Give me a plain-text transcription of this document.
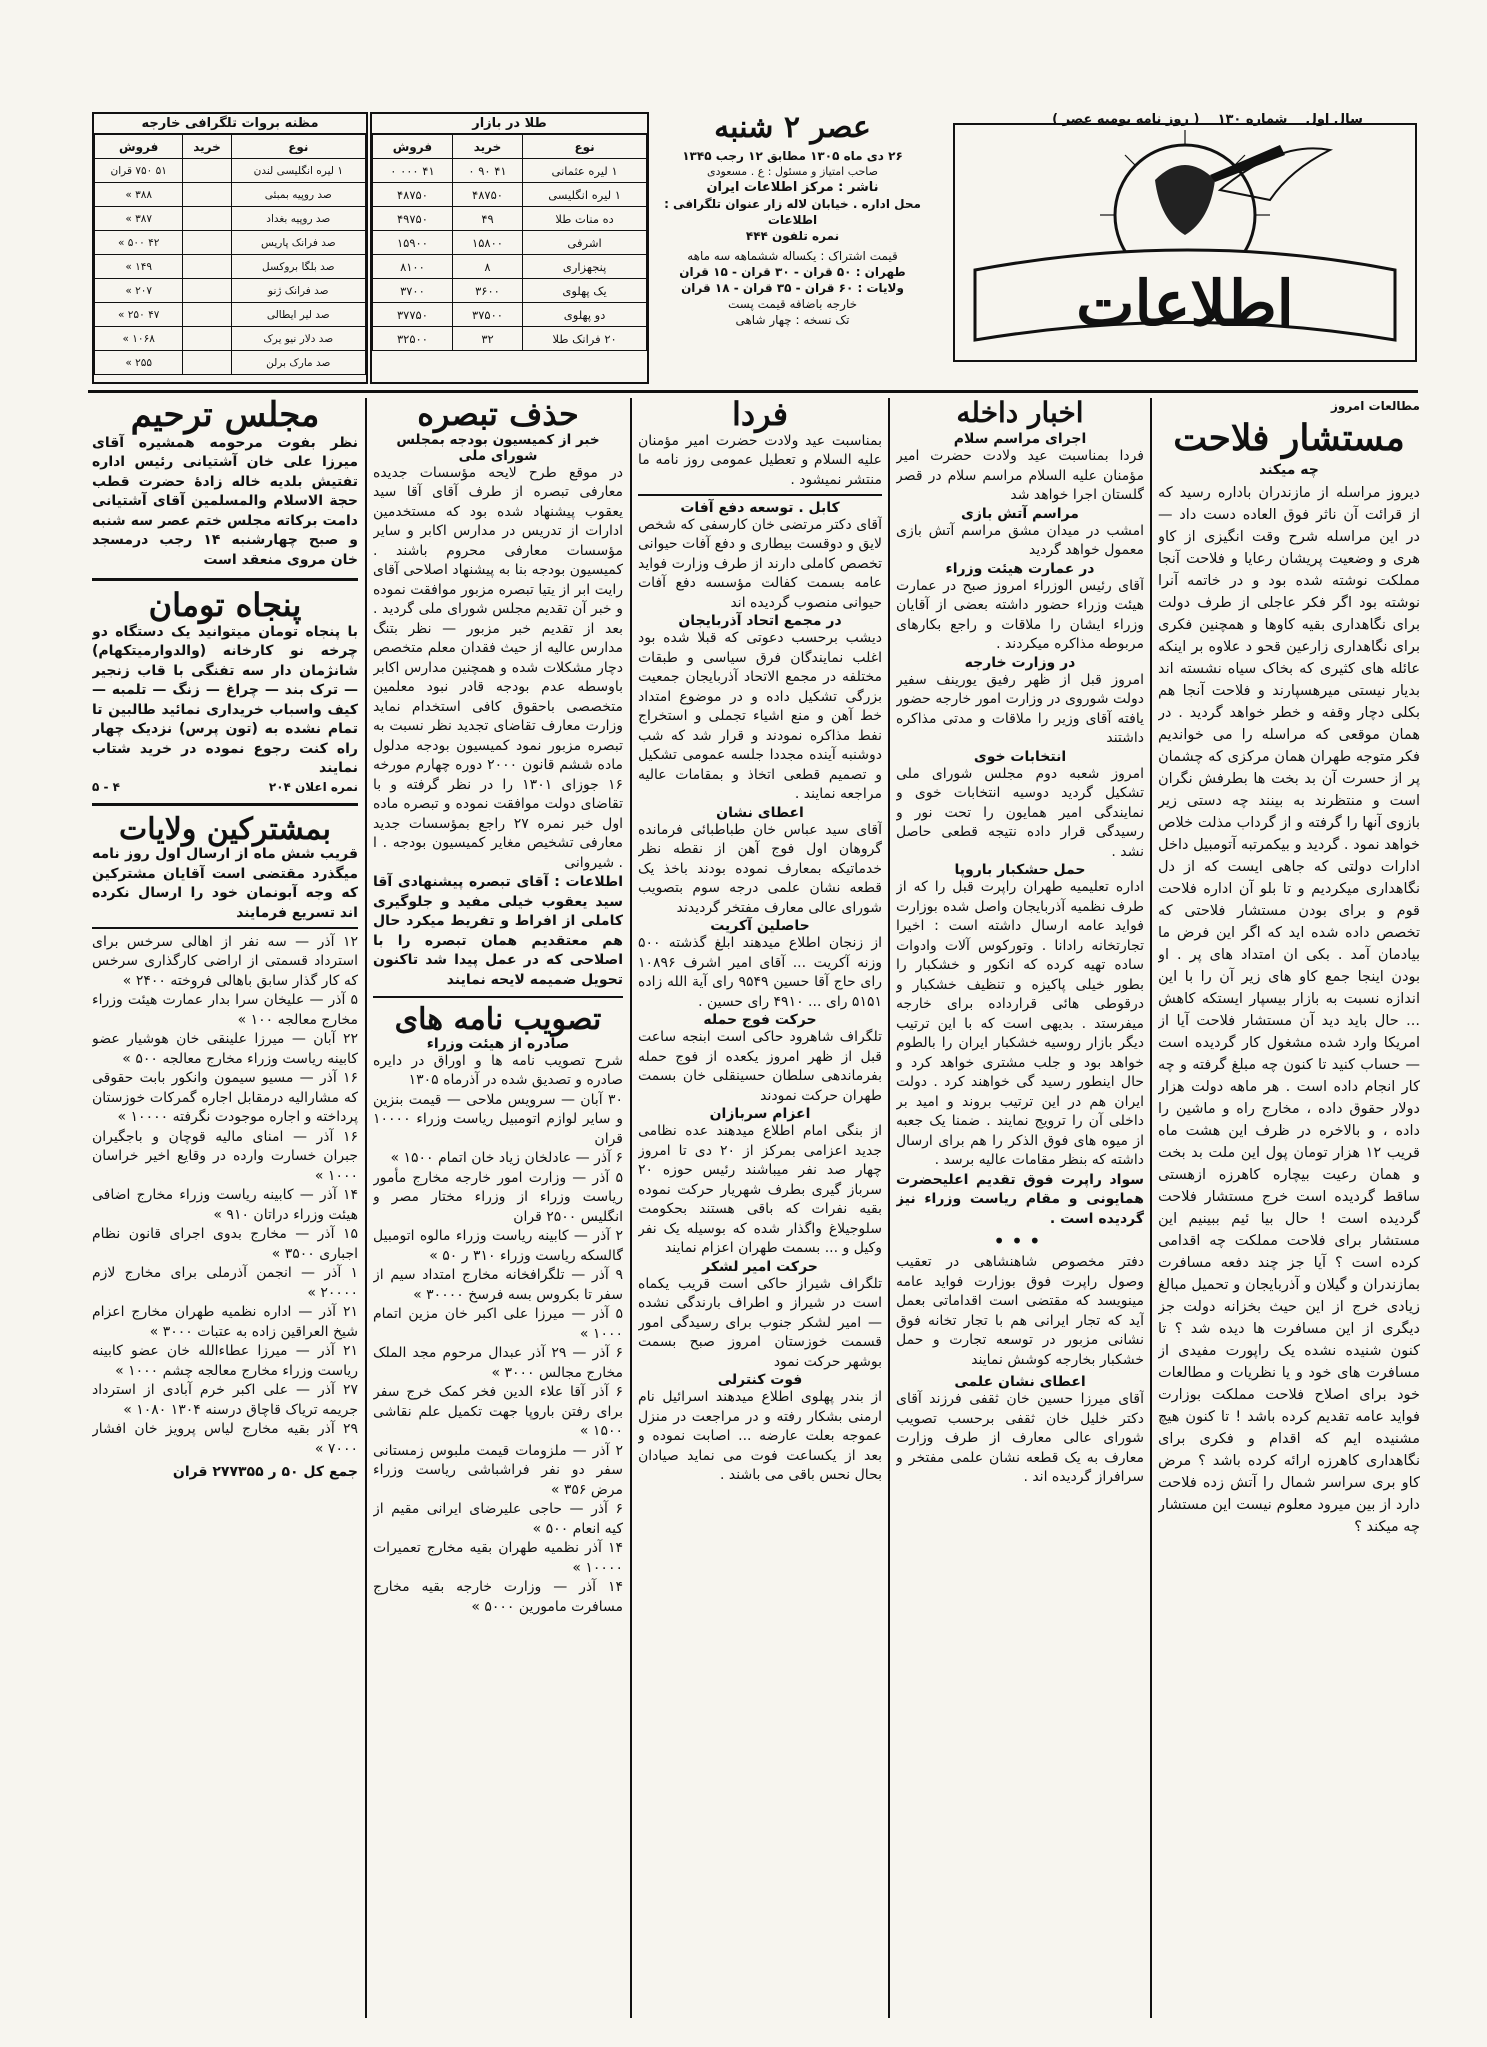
سال اول    شماره ۱۳۰    ( روز نامه یومیه عصر )
اطلاعات
عصر ۲ شنبه
۲۶ دی ماه ۱۳۰۵ مطابق ۱۲ رجب ۱۳۴۵
صاحب امتیاز و مسئول : ع . مسعودی
ناشر : مرکز اطلاعات ایران
محل اداره . خیابان لاله زار عنوان تلگرافی : اطلاعات
نمره تلفون ۴۴۴
قیمت اشتراک : یکساله ششماهه سه ماهه
طهران : ۵۰ قران - ۳۰ قران - ۱۵ قران
ولایات : ۶۰ قران - ۳۵ قران - ۱۸ قران
خارجه باضافه قیمت پست
تک نسخه : چهار شاهی
طلا در بازار
نوع	خرید	فروش
۱ لیره عثمانی	۴۱ ۹۰ ۰	۴۱ ۰۰۰ ۰
۱ لیره انگلیسی	۴۸۷۵۰	۴۸۷۵۰
ده منات طلا	۴۹	۴۹۷۵۰
اشرفی	۱۵۸۰۰	۱۵۹۰۰
پنجهزاری	۸	۸۱۰۰
یک پهلوی	۳۶۰۰	۳۷۰۰
دو پهلوی	۳۷۵۰۰	۳۷۷۵۰
۲۰ فرانک طلا	۳۲	۳۲۵۰۰
مظنه بروات تلگرافی خارجه
نوع	خرید	فروش
۱ لیره انگلیسی لندن		۵۱ ۷۵۰ قران
صد روپیه بمبئی		۳۸۸ »
صد روپیه بغداد		۳۸۷ »
صد فرانک پاریس		۴۲ ۵۰۰ »
صد بلگا بروکسل		۱۴۹ »
صد فرانک ژنو		۲۰۷ »
صد لیر ایطالی		۴۷ ۲۵۰ »
صد دلار نیو یرک		۱۰۶۸ »
صد مارک برلن		۲۵۵ »
مطالعات امروز
مستشار فلاحت
چه میکند

دیروز مراسله از مازندران باداره رسید که از قرائت آن ناثر فوق العاده دست داد — در این مراسله شرح وقت انگیزی از کاو هری و وضعیت پریشان رعایا و فلاحت آنجا مملکت نوشته شده بود و در خاتمه آنرا نوشته بود اگر فکر عاجلی از طرف دولت برای نگاهداری بقیه کاوها و همچنین فکری برای نگاهداری زارعین قحو د علاوه بر اینکه عائله های کثیری که بخاک سیاه نشسته اند بدیار نیستی میرهسپارند و فلاحت آنجا هم بکلی دچار وقفه و خطر خواهد گردید . در همان موقعی که مراسله را می خواندیم فکر متوجه طهران همان مرکزی که چشمان پر از حسرت آن بد بخت ها بطرفش نگران است و منتظرند به بینند چه دستی زیر بازوی آنها را گرفته و از گرداب مذلت خلاص خواهد نمود . گردید و بیکمرتبه آتومبیل داخل ادارات دولتی که جاهی ایست که از دل نگاهداری میکردیم و تا بلو آن اداره فلاحت قوم و برای بودن مستشار فلاحتی که تخصص داده شده اید که اگر این فرض ما بیادمان آمد . بکی ان امتداد های پر . او بودن اینجا جمع کاو های زیر آن را با این اندازه نسبت به بازار بیسپار ایستکه کاهش ... حال باید دید آن مستشار فلاحت آیا از امریکا وارد شده مشغول کار گردیده است — حساب کنید تا کنون چه مبلغ گرفته و چه کار انجام داده است . هر ماهه دولت هزار دولار حقوق داده ، مخارج راه و ماشین را داده ، و بالاخره در ظرف این هشت ماه قریب ۱۲ هزار تومان پول این ملت بد بخت و همان رعیت بیچاره کاهرزه ازهستی ساقط گردیده است خرج مستشار فلاحت گردیده است ! حال بیا ئیم ببینیم این مستشار برای فلاحت مملکت چه اقدامی کرده است ؟ آیا جز چند دفعه مسافرت بمازندران و گیلان و آذربایجان و تحمیل مبالغ زیادی خرج از این حیث بخزانه دولت جز دیگری از این مسافرت ها دیده شد ؟ تا کنون شنیده نشده یک راپورت مفیدی از مسافرت های خود و یا نظریات و مطالعات خود برای اصلاح فلاحت مملکت بوزارت فواید عامه تقدیم کرده باشد ! تا کنون هیچ مشنیده ایم که اقدام و فکری برای نگاهداری کاهرزه ارائه کرده باشد ؟ مرض کاو بری سراسر شمال را آتش زده فلاحت دارد از بین میرود معلوم نیست این مستشار چه میکند ؟

اخبار داخله
اجرای مراسم سلام

فردا بمناسبت عید ولادت حضرت امیر مؤمنان علیه السلام مراسم سلام در قصر گلستان اجرا خواهد شد

مراسم آتش بازی

امشب در میدان مشق مراسم آتش بازی معمول خواهد گردید

در عمارت هیئت وزراء

آقای رئیس الوزراء امروز صبح در عمارت هیئت وزراء حضور داشته بعضی از آقایان وزراء ایشان را ملاقات و راجع بکارهای مربوطه مذاکره میکردند .

در وزارت خارجه

امروز قبل از ظهر رفیق یورینف سفیر دولت شوروی در وزارت امور خارجه حضور یافته آقای وزیر را ملاقات و مدتی مذاکره داشتند

انتخابات خوی

امروز شعبه دوم مجلس شورای ملی تشکیل گردید دوسیه انتخابات خوی و نمایندگی امیر همایون را تحت نور و رسیدگی قرار داده نتیجه قطعی حاصل نشد .

حمل حشکبار باروپا

اداره تعلیمیه طهران راپرت قبل را که از طرف نظمیه آذربایجان واصل شده بوزارت فواید عامه ارسال داشته است : اخیرا تجارتخانه رادانا . وتورکوس آلات وادوات ساده تهیه کرده که انکور و خشکبار را بطور خیلی پاکیزه و تنظیف خشکبار و درقوطی هائی قرارداده برای خارجه میفرستد . بدیهی است که با این ترتیب دیگر بازار روسیه خشکبار ایران را بالطوم خواهد بود و جلب مشتری خواهد کرد و حال اینطور رسید گی خواهند کرد . دولت ایران هم در این ترتیب بروند و امید بر داخلی آن را ترویج نمایند . ضمنا یک جعبه از میوه های فوق الذکر را هم برای ارسال داشته که بنظر مقامات عالیه برسد .

سواد راپرت فوق تقدیم اعلیحضرت همایونی و مقام ریاست وزراء نیز گردیده است .

•••

دفتر مخصوص شاهنشاهی در تعقیب وصول راپرت فوق بوزارت فواید عامه مینویسد که مقتضی است اقداماتی بعمل آید که تجار ایرانی هم با تجار تخانه فوق نشانی مزبور در توسعه تجارت و حمل خشکبار بخارجه کوشش نمایند

اعطای نشان علمی

آقای میرزا حسین خان ثقفی فرزند آقای دکتر خلیل خان ثقفی برحسب تصویب شورای عالی معارف از طرف وزارت معارف به یک قطعه نشان علمی مفتخر و سرافراز گردیده اند .

فردا

بمناسبت عید ولادت حضرت امیر مؤمنان علیه السلام و تعطیل عمومی روز نامه ما منتشر نمیشود .

کابل . توسعه دفع آفات

آقای دکتر مرتضی خان کارسفی که شخص لایق و دوقست بیطاری و دفع آفات حیوانی تخصص کاملی دارند از طرف وزارت فواید عامه بسمت کفالت مؤسسه دفع آفات حیوانی منصوب گردیده اند

در مجمع اتحاد آذربایجان

دیشب برحسب دعوتی که قبلا شده بود اغلب نمایندگان فرق سیاسی و طبقات مختلفه در مجمع الاتحاد آذربایجان جمعیت بزرگی تشکیل داده و در موضوع امتداد خط آهن و منع اشیاء تجملی و استخراج نفط مذاکره نمودند و قرار شد که شب دوشنبه آینده مجددا جلسه عمومی تشکیل و تصمیم قطعی اتخاذ و بمقامات عالیه مراجعه نمایند .

اعطای نشان

آقای سید عباس خان طباطبائی فرمانده گروهان اول فوج آهن از نقطه نظر خدماتیکه بمعارف نموده بودند باخذ یک قطعه نشان علمی درجه سوم بتصویب شورای عالی معارف مفتخر گردیدند

حاصلین آکریت

از زنجان اطلاع میدهند ابلغ گذشته ۵۰۰ وزنه آکریت ... آقای امیر اشرف ۱۰۸۹۶ رای حاج آقا حسین ۹۵۴۹ رای آیة الله زاده ۵۱۵۱ رای ... ۴۹۱۰ رای حسین .

حرکت فوج حمله

تلگراف شاهرود حاکی است ابنجه ساعت قبل از ظهر امروز یکعده از فوج حمله بفرماندهی سلطان حسینقلی خان بسمت طهران حرکت نمودند

اعزام سربازان

از بنگی امام اطلاع میدهند عده نظامی جدید اعزامی بمرکز از ۲۰ دی تا امروز چهار صد نفر میباشند رئیس حوزه ۲۰ سرباز گیری بطرف شهریار حرکت نموده بقیه نفرات که باقی هستند بحکومت سلوجیلاغ واگذار شده که بوسیله یک نفر وکیل و ... بسمت طهران اعزام نمایند

حرکت امیر لشکر

تلگراف شیراز حاکی است قریب یکماه است در شیراز و اطراف بارندگی نشده — امیر لشکر جنوب برای رسیدگی امور قسمت خوزستان امروز صبح بسمت بوشهر حرکت نمود

فوت کنترلی

از بندر پهلوی اطلاع میدهند اسرائیل نام ارمنی بشکار رفته و در مراجعت در منزل عموجه بعلت عارضه ... اصابت نموده و بعد از یکساعت فوت می نماید صیادان بحال نحس باقی می باشند .

حذف تبصره
خبر از کمیسیون بودجه بمجلس شورای ملی

در موقع طرح لایحه مؤسسات جدیده معارفی تبصره از طرف آقای آقا سید یعقوب پیشنهاد شده بود که مستخدمین ادارات از تدریس در مدارس اکابر و سایر مؤسسات معارفی محروم باشند . کمیسیون بودجه بنا به پیشنهاد اصلاحی آقای رایت ابر از یتیا تبصره مزبور موافقت نموده و خبر آن تقدیم مجلس شورای ملی گردید . بعد از تقدیم خبر مزبور — نظر بتنگ مدارس عالیه از حیث فقدان معلم متخصص دچار مشکلات شده و همچنین مدارس اکابر باوسطه عدم بودجه قادر نبود معلمین متخصصی باحقوق کافی استخدام نماید وزارت معارف تقاضای تجدید نظر نسبت به تبصره مزبور نمود کمیسیون بودجه مدلول ماده ششم قانون ۲۰۰۰ دوره چهارم مورخه ۱۶ جوزای ۱۳۰۱ را در نظر گرفته و با تقاضای دولت موافقت نموده و تبصره ماده اول خبر نمره ۲۷ راجع بمؤسسات جدید معارفی تشخیص مغایر کمیسیون بودجه . ا . شیروانی

اطلاعات : آقای تبصره پیشنهادی آقا سید یعقوب خیلی مفید و جلوگیری کاملی از افراط و تفریط میکرد حال هم معتقدیم همان تبصره را با اصلاحی که در عمل پیدا شد تاکنون تحویل ضمیمه لایحه نمایند

تصویب نامه های
صادره از هیئت وزراء

شرح تصویب نامه ها و اوراق در دایره صادره و تصدیق شده در آذرماه ۱۳۰۵

۳۰ آبان — سرویس ملاحی — قیمت بنزین و سایر لوازم اتومبیل ریاست وزراء ۱۰۰۰۰ قران

۶ آذر — عادلخان زیاد خان اتمام ۱۵۰۰ »

۵ آذر — وزارت امور خارجه مخارج مأمور ریاست وزراء از وزراء مختار مصر و انگلیس ۲۵۰۰ قران

۲ آذر — کابینه ریاست وزراء مالوه اتومبیل گالسکه ریاست وزراء ۳۱۰ ر ۵۰ »

۹ آذر — تلگرافخانه مخارج امتداد سیم از سفر تا بکروس بسه فرسخ ۳۰۰۰۰ »

۵ آذر — میرزا علی اکبر خان مزین اتمام ۱۰۰۰ »

۶ آذر — ۲۹ آذر عبدال مرحوم مجد الملک مخارج مجالس ۳۰۰۰ »

۶ آذر آقا علاء الدین فخر کمک خرج سفر برای رفتن باروپا جهت تکمیل علم نقاشی ۱۵۰۰ »

۲ آذر — ملزومات قیمت ملبوس زمستانی سفر دو نفر فراشباشی ریاست وزراء مرض ۳۵۶ »

۶ آذر — حاجی علیرضای ایرانی مقیم از کیه انعام ۵۰۰ »

۱۴ آذر نظمیه طهران بقیه مخارج تعمیرات ۱۰۰۰۰ »

۱۴ آذر — وزارت خارجه بقیه مخارج مسافرت مامورین ۵۰۰۰ »

مجلس ترحیم

نظر بفوت مرحومه همشیره آقای میرزا علی خان آشتیانی رئیس اداره تفتیش بلدیه خاله زادهٔ حضرت قطب حجة الاسلام والمسلمین آقای آشتیانی دامت برکاته مجلس ختم عصر سه شنبه و صبح چهارشنبه ۱۴ رجب درمسجد خان مروی منعقد است

پنجاه تومان

با پنجاه تومان میتوانید یک دستگاه دو چرخه نو کارخانه (والدوارمیتکهام) شانژمان دار سه تفنگی با قاب زنجیر — ترک بند — چراغ — زنگ — تلمبه — کیف واسباب خریداری نمائید طالبین تا تمام نشده به (تون پرس) نزدیک چهار راه کنت رجوع نموده در خرید شتاب نمایند

نمره اعلان ۲۰۴
۴ - ۵
بمشترکین ولایات

قریب شش ماه از ارسال اول روز نامه میگذرد مقتضی است آقایان مشترکین که وجه آبونمان خود را ارسال نکرده اند تسریع فرمایند

۱۲ آذر — سه نفر از اهالی سرخس برای استرداد قسمتی از اراضی کارگذاری سرخس که کار گذار سابق باهالی فروخته ۲۴۰۰ »

۵ آذر — علیخان سرا بدار عمارت هیئت وزراء مخارج معالجه ۱۰۰ »

۲۲ آبان — میرزا علینقی خان هوشیار عضو کابینه ریاست وزراء مخارج معالجه ۵۰۰ »

۱۶ آذر — مسیو سیمون وانکور بابت حقوقی که مشارالیه درمقابل اجاره گمرکات خوزستان پرداخته و اجاره موجودت نگرفته ۱۰۰۰۰ »

۱۶ آذر — امنای مالیه قوچان و باجگیران جبران خسارت وارده در وقایع اخیر خراسان ۱۰۰۰ »

۱۴ آذر — کابینه ریاست وزراء مخارج اضافی هیئت وزراء دراتان ۹۱۰ »

۱۵ آذر — مخارج بدوی اجرای قانون نظام اجباری ۳۵۰۰ »

۱ آذر — انجمن آذرملی برای مخارج لازم ۲۰۰۰۰ »

۲۱ آذر — اداره نظمیه طهران مخارج اعزام شیخ العراقین زاده به عتبات ۳۰۰۰ »

۲۱ آذر — میرزا عطاءالله خان عضو کابینه ریاست وزراء مخارج معالجه چشم ۱۰۰۰ »

۲۷ آذر — علی اکبر خرم آبادی از استرداد جریمه تریاک قاچاق درسنه ۱۳۰۴ ۱۰۸۰ »

۲۹ آذر بقیه مخارج لیاس پرویز خان افشار ۷۰۰۰ »

جمع کل ۵۰ ر ۲۷۷۳۵۵ قران
